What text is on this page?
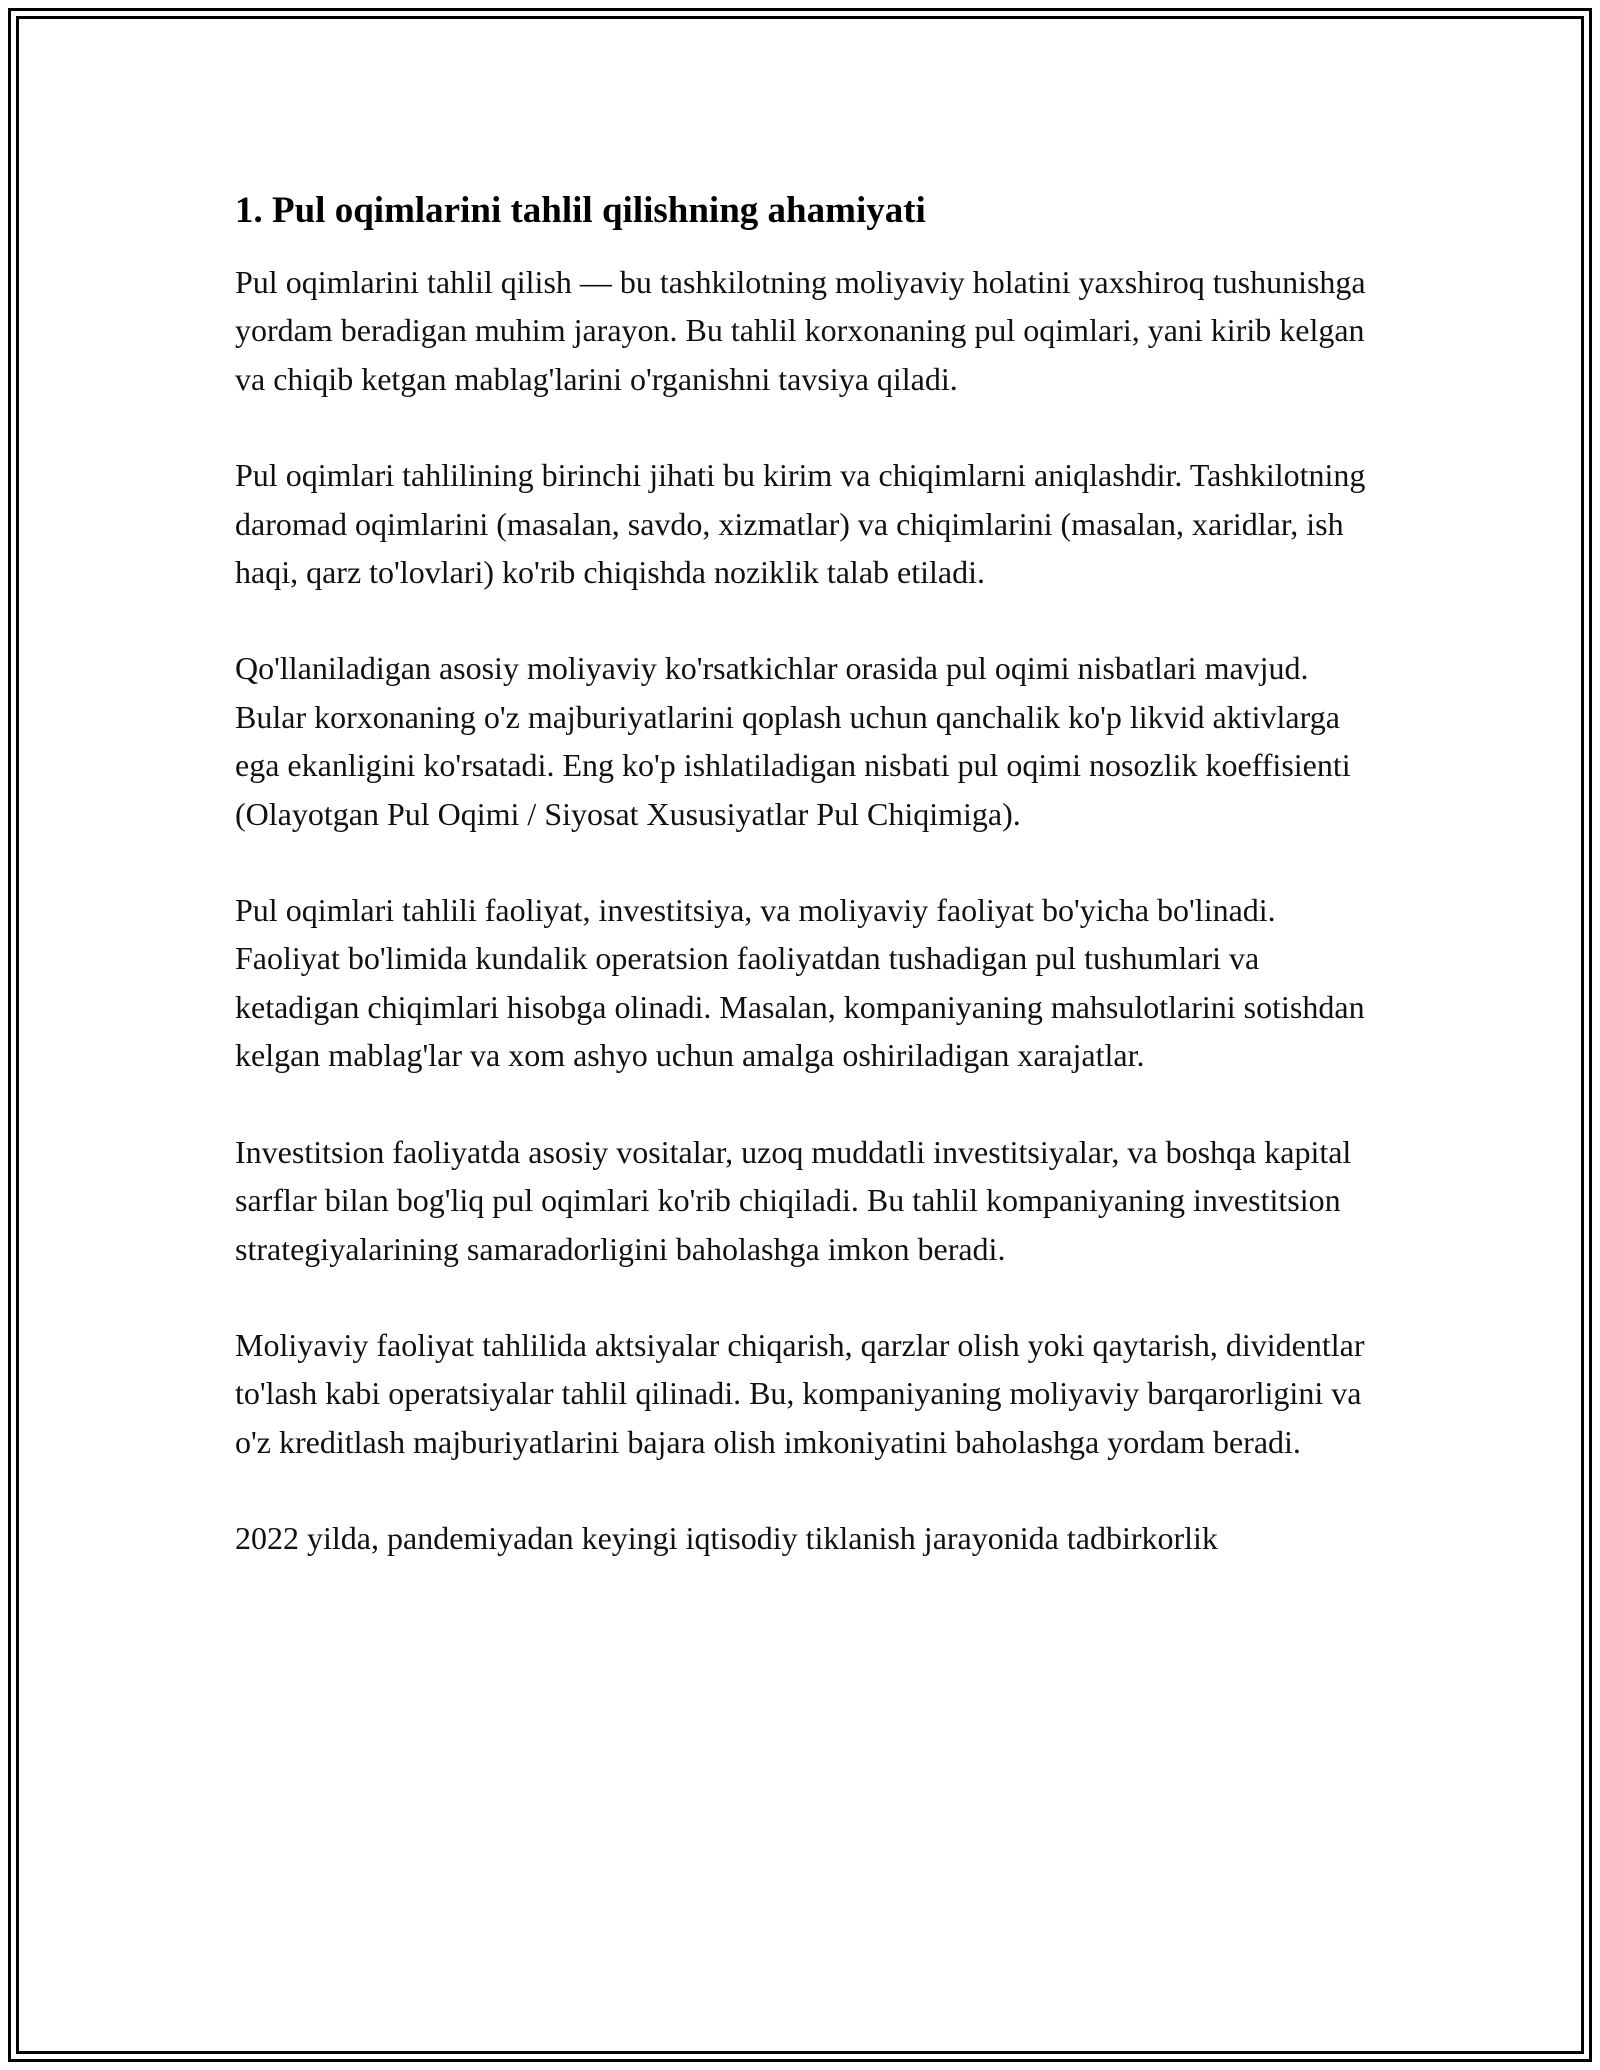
1. Pul oqimlarini tahlil qilishning ahamiyati

Pul oqimlarini tahlil qilish — bu tashkilotning moliyaviy holatini yaxshiroq tushunishga yordam beradigan muhim jarayon. Bu tahlil korxonaning pul oqimlari, yani kirib kelgan va chiqib ketgan mablag'larini o'rganishni tavsiya qiladi.

Pul oqimlari tahlilining birinchi jihati bu kirim va chiqimlarni aniqlashdir. Tashkilotning daromad oqimlarini (masalan, savdo, xizmatlar) va chiqimlarini (masalan, xaridlar, ish haqi, qarz to'lovlari) ko'rib chiqishda noziklik talab etiladi.

Qo'llaniladigan asosiy moliyaviy ko'rsatkichlar orasida pul oqimi nisbatlari mavjud. Bular korxonaning o'z majburiyatlarini qoplash uchun qanchalik ko'p likvid aktivlarga ega ekanligini ko'rsatadi. Eng ko'p ishlatiladigan nisbati pul oqimi nosozlik koeffisienti (Olayotgan Pul Oqimi / Siyosat Xususiyatlar Pul Chiqimiga).

Pul oqimlari tahlili faoliyat, investitsiya, va moliyaviy faoliyat bo'yicha bo'linadi. Faoliyat bo'limida kundalik operatsion faoliyatdan tushadigan pul tushumlari va ketadigan chiqimlari hisobga olinadi. Masalan, kompaniyaning mahsulotlarini sotishdan kelgan mablag'lar va xom ashyo uchun amalga oshiriladigan xarajatlar.

Investitsion faoliyatda asosiy vositalar, uzoq muddatli investitsiyalar, va boshqa kapital sarflar bilan bog'liq pul oqimlari ko'rib chiqiladi. Bu tahlil kompaniyaning investitsion strategiyalarining samaradorligini baholashga imkon beradi.

Moliyaviy faoliyat tahlilida aktsiyalar chiqarish, qarzlar olish yoki qaytarish, dividentlar to'lash kabi operatsiyalar tahlil qilinadi. Bu, kompaniyaning moliyaviy barqarorligini va o'z kreditlash majburiyatlarini bajara olish imkoniyatini baholashga yordam beradi.

2022 yilda, pandemiyadan keyingi iqtisodiy tiklanish jarayonida tadbirkorlik
